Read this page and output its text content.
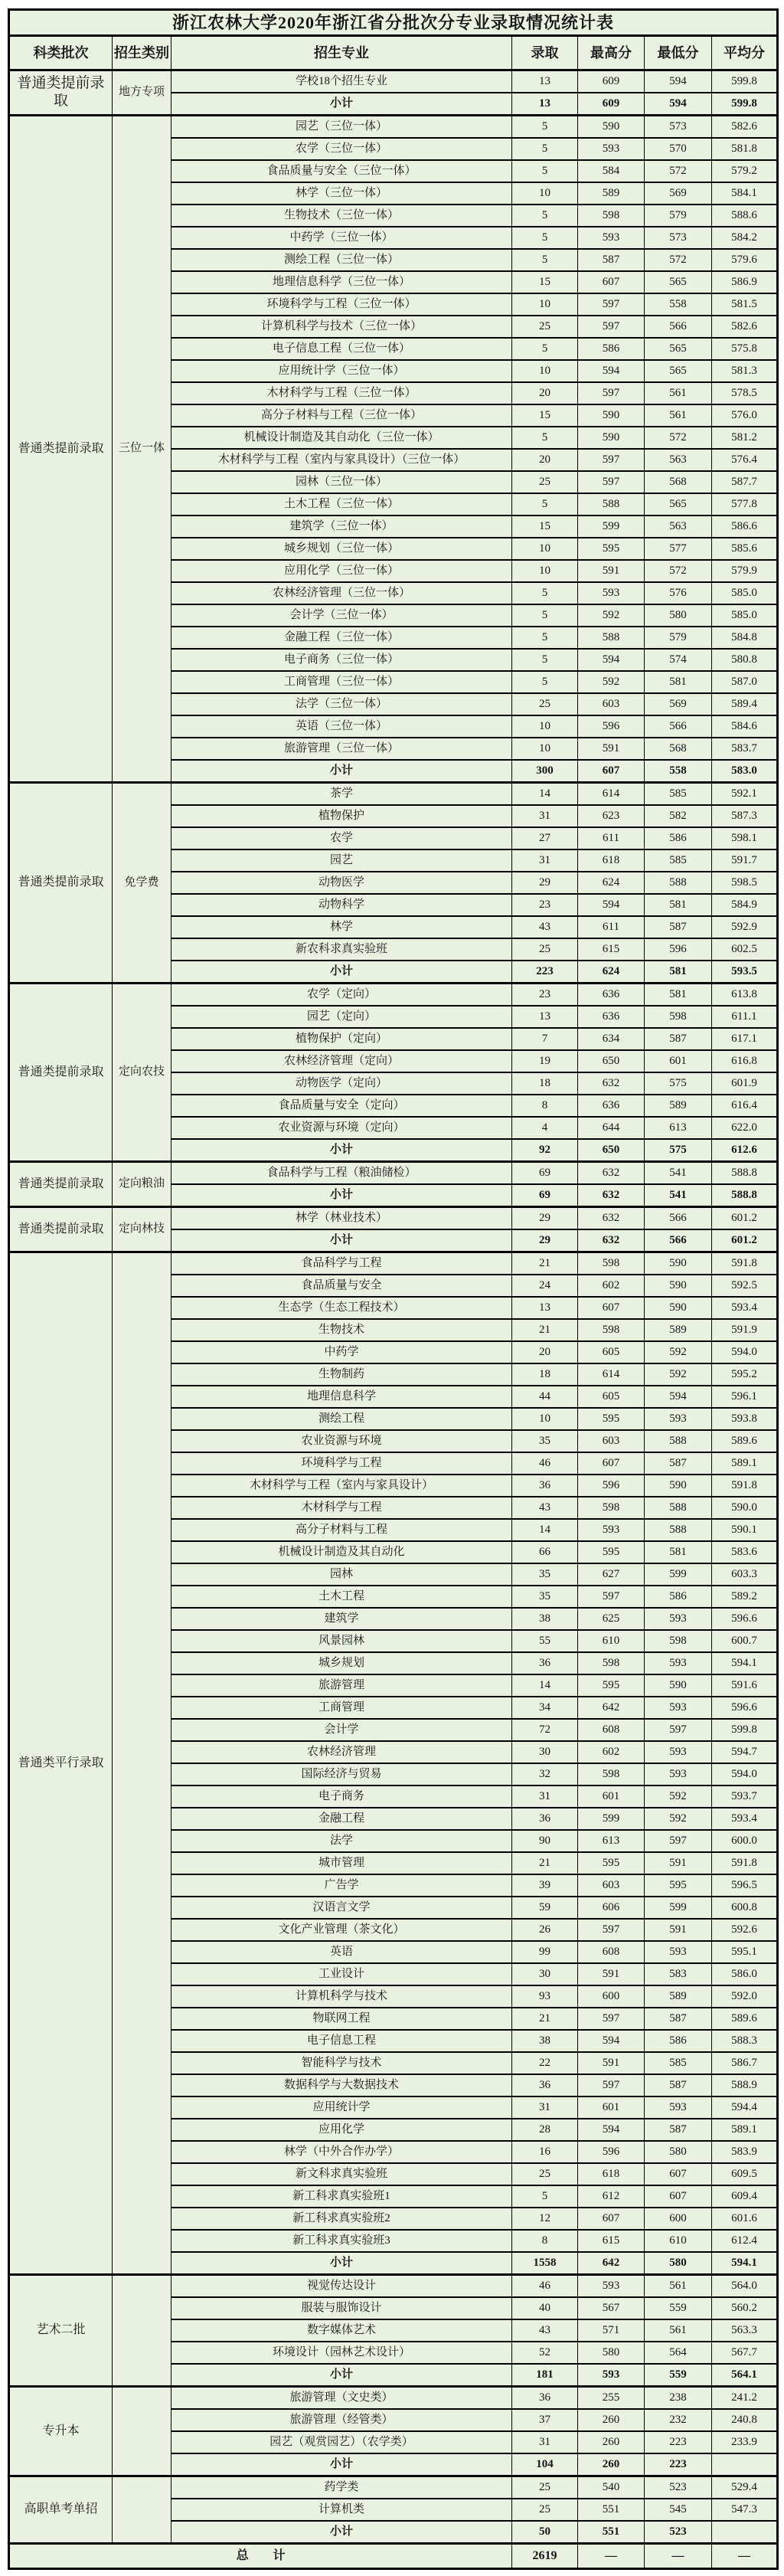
浙江农林大学2020年浙江省分批次分专业录取情况统计表						
科类批次	招生类别	招生专业	录取	最高分	最低分	平均分
普通类提前录取	地方专项	学校18个招生专业	13	609	594	599.8
		小计	13	609	594	599.8
普通类提前录取	三位一体	园艺（三位一体）	5	590	573	582.6
		农学（三位一体）	5	593	570	581.8
		食品质量与安全（三位一体）	5	584	572	579.2
		林学（三位一体）	10	589	569	584.1
		生物技术（三位一体）	5	598	579	588.6
		中药学（三位一体）	5	593	573	584.2
		测绘工程（三位一体）	5	587	572	579.6
		地理信息科学（三位一体）	15	607	565	586.9
		环境科学与工程（三位一体）	10	597	558	581.5
		计算机科学与技术（三位一体）	25	597	566	582.6
		电子信息工程（三位一体）	5	586	565	575.8
		应用统计学（三位一体）	10	594	565	581.3
		木材科学与工程（三位一体）	20	597	561	578.5
		高分子材料与工程（三位一体）	15	590	561	576.0
		机械设计制造及其自动化（三位一体）	5	590	572	581.2
		木材科学与工程（室内与家具设计）（三位一体）	20	597	563	576.4
		园林（三位一体）	25	597	568	587.7
		土木工程（三位一体）	5	588	565	577.8
		建筑学（三位一体）	15	599	563	586.6
		城乡规划（三位一体）	10	595	577	585.6
		应用化学（三位一体）	10	591	572	579.9
		农林经济管理（三位一体）	5	593	576	585.0
		会计学（三位一体）	5	592	580	585.0
		金融工程（三位一体）	5	588	579	584.8
		电子商务（三位一体）	5	594	574	580.8
		工商管理（三位一体）	5	592	581	587.0
		法学（三位一体）	25	603	569	589.4
		英语（三位一体）	10	596	566	584.6
		旅游管理（三位一体）	10	591	568	583.7
		小计	300	607	558	583.0
普通类提前录取	免学费	茶学	14	614	585	592.1
		植物保护	31	623	582	587.3
		农学	27	611	586	598.1
		园艺	31	618	585	591.7
		动物医学	29	624	588	598.5
		动物科学	23	594	581	584.9
		林学	43	611	587	592.9
		新农科求真实验班	25	615	596	602.5
		小计	223	624	581	593.5
普通类提前录取	定向农技	农学（定向）	23	636	581	613.8
		园艺（定向）	13	636	598	611.1
		植物保护（定向）	7	634	587	617.1
		农林经济管理（定向）	19	650	601	616.8
		动物医学（定向）	18	632	575	601.9
		食品质量与安全（定向）	8	636	589	616.4
		农业资源与环境（定向）	4	644	613	622.0
		小计	92	650	575	612.6
普通类提前录取	定向粮油	食品科学与工程（粮油储检）	69	632	541	588.8
		小计	69	632	541	588.8
普通类提前录取	定向林技	林学（林业技术）	29	632	566	601.2
		小计	29	632	566	601.2
普通类平行录取		食品科学与工程	21	598	590	591.8
		食品质量与安全	24	602	590	592.5
		生态学（生态工程技术）	13	607	590	593.4
		生物技术	21	598	589	591.9
		中药学	20	605	592	594.0
		生物制药	18	614	592	595.2
		地理信息科学	44	605	594	596.1
		测绘工程	10	595	593	593.8
		农业资源与环境	35	603	588	589.6
		环境科学与工程	46	607	587	589.1
		木材科学与工程（室内与家具设计）	36	596	590	591.8
		木材科学与工程	43	598	588	590.0
		高分子材料与工程	14	593	588	590.1
		机械设计制造及其自动化	66	595	581	583.6
		园林	35	627	599	603.3
		土木工程	35	597	586	589.2
		建筑学	38	625	593	596.6
		风景园林	55	610	598	600.7
		城乡规划	36	598	593	594.1
		旅游管理	14	595	590	591.6
		工商管理	34	642	593	596.6
		会计学	72	608	597	599.8
		农林经济管理	30	602	593	594.7
		国际经济与贸易	32	598	593	594.0
		电子商务	31	601	592	593.7
		金融工程	36	599	592	593.4
		法学	90	613	597	600.0
		城市管理	21	595	591	591.8
		广告学	39	603	595	596.5
		汉语言文学	59	606	599	600.8
		文化产业管理（茶文化）	26	597	591	592.6
		英语	99	608	593	595.1
		工业设计	30	591	583	586.0
		计算机科学与技术	93	600	589	592.0
		物联网工程	21	597	587	589.6
		电子信息工程	38	594	586	588.3
		智能科学与技术	22	591	585	586.7
		数据科学与大数据技术	36	597	587	588.9
		应用统计学	31	601	593	594.4
		应用化学	28	594	587	589.1
		林学（中外合作办学）	16	596	580	583.9
		新文科求真实验班	25	618	607	609.5
		新工科求真实验班1	5	612	607	609.4
		新工科求真实验班2	12	607	600	601.6
		新工科求真实验班3	8	615	610	612.4
		小计	1558	642	580	594.1
艺术二批		视觉传达设计	46	593	561	564.0
		服装与服饰设计	40	567	559	560.2
		数字媒体艺术	43	571	561	563.3
		环境设计（园林艺术设计）	52	580	564	567.7
		小计	181	593	559	564.1
专升本		旅游管理（文史类）	36	255	238	241.2
		旅游管理（经管类）	37	260	232	240.8
		园艺（观赏园艺）（农学类）	31	260	223	233.9
		小计	104	260	223	
高职单考单招		药学类	25	540	523	529.4
		计算机类	25	551	545	547.3
		小计	50	551	523	
总　　计			2619	—	—	—
